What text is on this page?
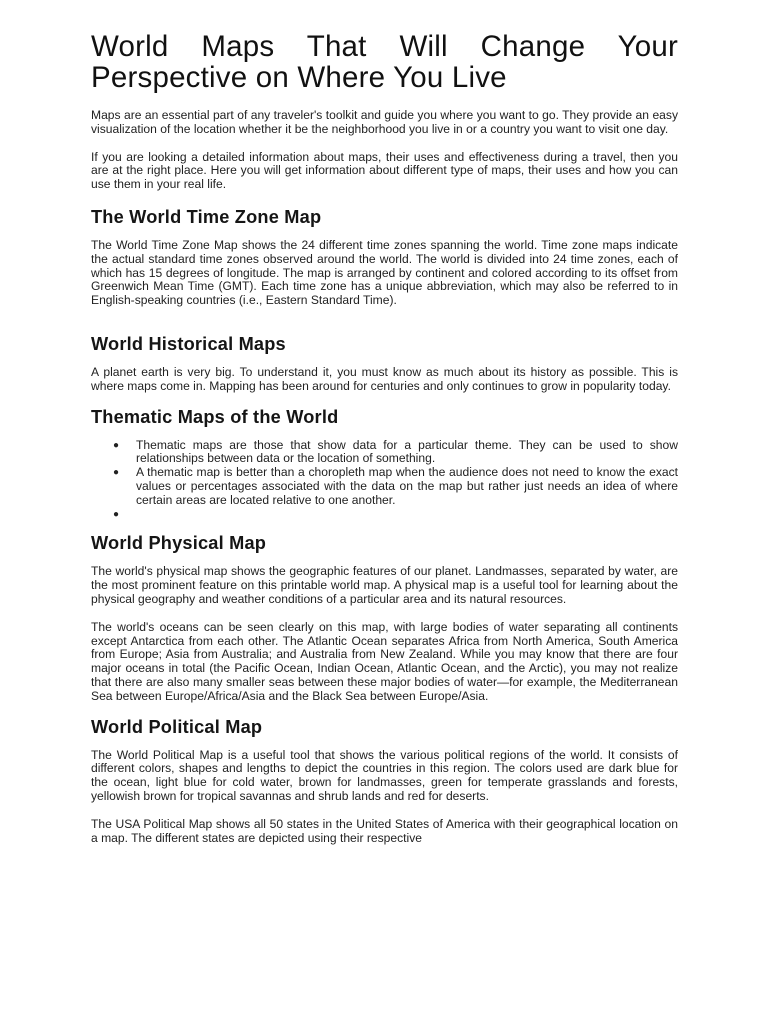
World Maps That Will Change Your Perspective on Where You Live

Maps are an essential part of any traveler's toolkit and guide you where you want to go. They provide an easy visualization of the location whether it be the neighborhood you live in or a country you want to visit one day.

If you are looking a detailed information about maps, their uses and effectiveness during a travel, then you are at the right place. Here you will get information about different type of maps, their uses and how you can use them in your real life.

The World Time Zone Map

The World Time Zone Map shows the 24 different time zones spanning the world. Time zone maps indicate the actual standard time zones observed around the world. The world is divided into 24 time zones, each of which has 15 degrees of longitude. The map is arranged by continent and colored according to its offset from Greenwich Mean Time (GMT). Each time zone has a unique abbreviation, which may also be referred to in English-speaking countries (i.e., Eastern Standard Time).

World Historical Maps

A planet earth is very big. To understand it, you must know as much about its history as possible. This is where maps come in. Mapping has been around for centuries and only continues to grow in popularity today.

Thematic Maps of the World
● Thematic maps are those that show data for a particular theme. They can be used to show relationships between data or the location of something.
● A thematic map is better than a choropleth map when the audience does not need to know the exact values or percentages associated with the data on the map but rather just needs an idea of where certain areas are located relative to one another.
●
World Physical Map

The world's physical map shows the geographic features of our planet. Landmasses, separated by water, are the most prominent feature on this printable world map. A physical map is a useful tool for learning about the physical geography and weather conditions of a particular area and its natural resources.

The world's oceans can be seen clearly on this map, with large bodies of water separating all continents except Antarctica from each other. The Atlantic Ocean separates Africa from North America, South America from Europe; Asia from Australia; and Australia from New Zealand. While you may know that there are four major oceans in total (the Pacific Ocean, Indian Ocean, Atlantic Ocean, and the Arctic), you may not realize that there are also many smaller seas between these major bodies of water—for example, the Mediterranean Sea between Europe/Africa/Asia and the Black Sea between Europe/Asia.

World Political Map

The World Political Map is a useful tool that shows the various political regions of the world. It consists of different colors, shapes and lengths to depict the countries in this region. The colors used are dark blue for the ocean, light blue for cold water, brown for landmasses, green for temperate grasslands and forests, yellowish brown for tropical savannas and shrub lands and red for deserts.

The USA Political Map shows all 50 states in the United States of America with their geographical location on a map. The different states are depicted using their respective
